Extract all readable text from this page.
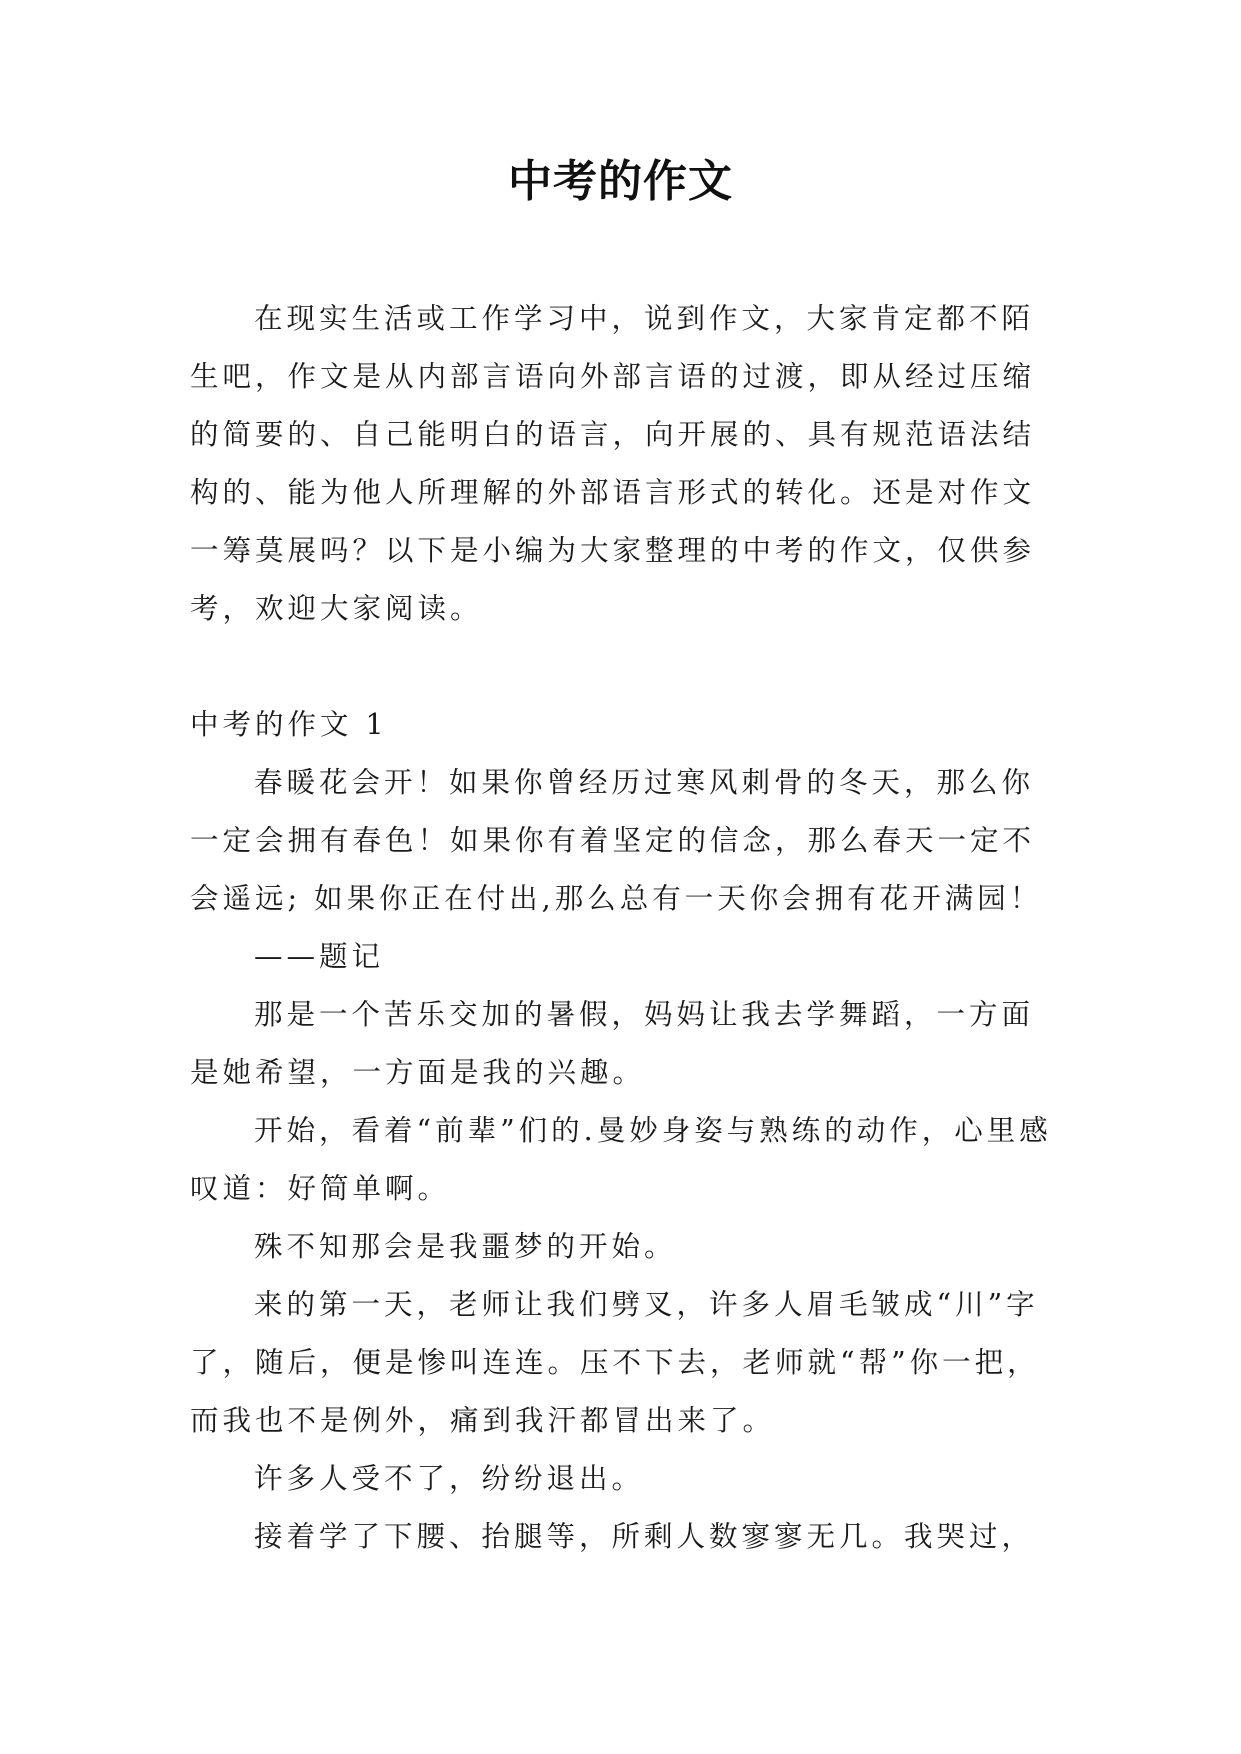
中考的作文

在现实生活或工作学习中，说到作文，大家肯定都不陌生吧，作文是从内部言语向外部言语的过渡，即从经过压缩的简要的、自己能明白的语言，向开展的、具有规范语法结构的、能为他人所理解的外部语言形式的转化。还是对作文一筹莫展吗？以下是小编为大家整理的中考的作文，仅供参考，欢迎大家阅读。

中考的作文 1

春暖花会开！如果你曾经历过寒风刺骨的冬天，那么你一定会拥有春色！如果你有着坚定的信念，那么春天一定不会遥远; 如果你正在付出,那么总有一天你会拥有花开满园！

——题记

那是一个苦乐交加的暑假，妈妈让我去学舞蹈，一方面是她希望，一方面是我的兴趣。

开始，看着“前辈”们的.曼妙身姿与熟练的动作，心里感叹道：好简单啊。

殊不知那会是我噩梦的开始。

来的第一天，老师让我们劈叉，许多人眉毛皱成“川”字了，随后，便是惨叫连连。压不下去，老师就“帮”你一把，而我也不是例外，痛到我汗都冒出来了。

许多人受不了，纷纷退出。

接着学了下腰、抬腿等，所剩人数寥寥无几。我哭过，
